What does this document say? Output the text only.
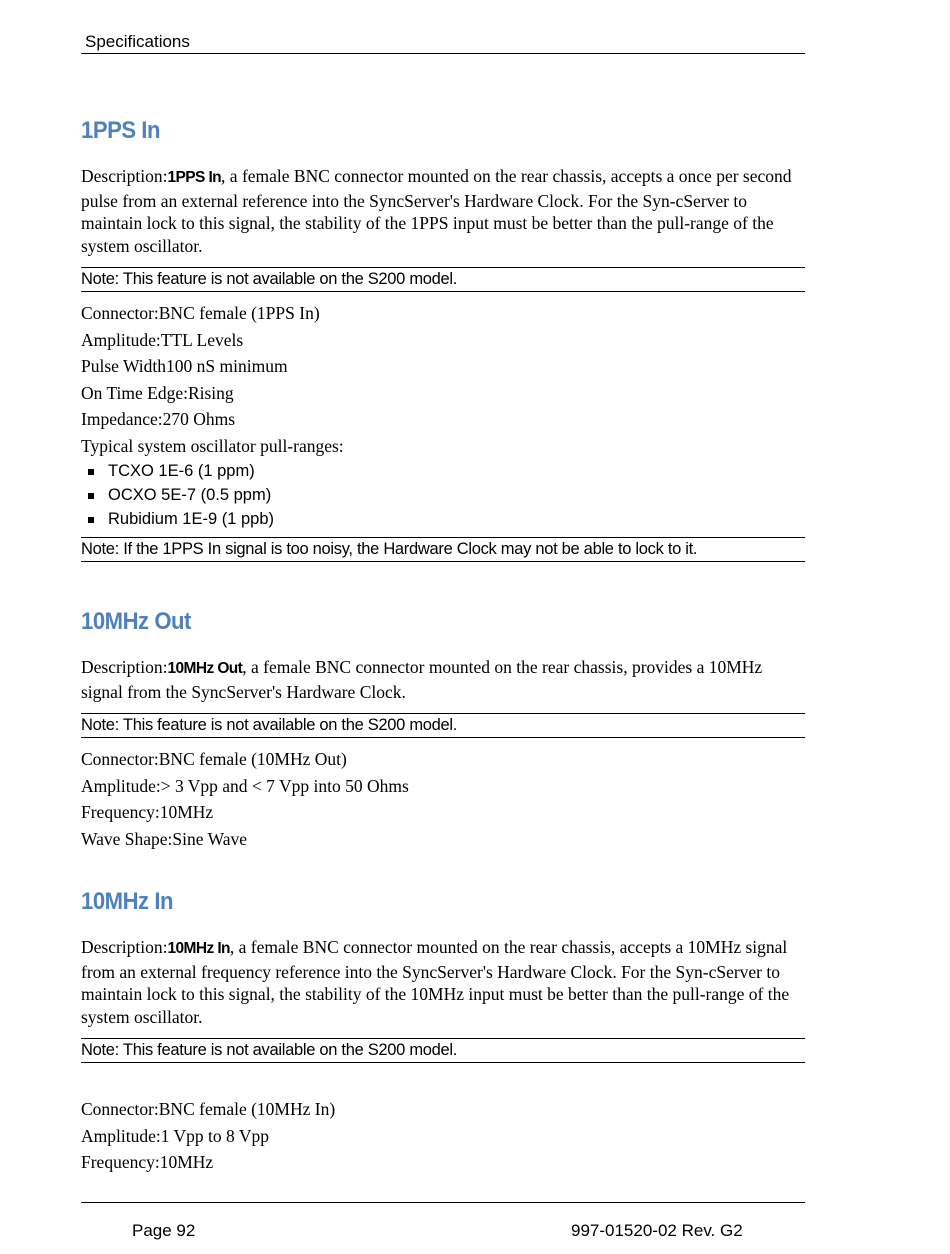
Specifications
1PPS In

Description:1PPS In, a female BNC connector mounted on the rear chassis, accepts a once per second pulse from an external reference into the SyncServer's Hardware Clock. For the Syn-cServer to maintain lock to this signal, the stability of the 1PPS input must be better than the pull-range of the system oscillator.

Note: This feature is not available on the S200 model.
Connector:BNC female (1PPS In)
Amplitude:TTL Levels
Pulse Width100 nS minimum
On Time Edge:Rising
Impedance:270 Ohms
Typical system oscillator pull-ranges:
TCXO 1E-6 (1 ppm)
OCXO 5E-7 (0.5 ppm)
Rubidium 1E-9 (1 ppb)
Note: If the 1PPS In signal is too noisy, the Hardware Clock may not be able to lock to it.
10MHz Out

Description:10MHz Out, a female BNC connector mounted on the rear chassis, provides a 10MHz signal from the SyncServer's Hardware Clock.

Note: This feature is not available on the S200 model.
Connector:BNC female (10MHz Out)
Amplitude:> 3 Vpp and < 7 Vpp into 50 Ohms
Frequency:10MHz
Wave Shape:Sine Wave
10MHz In

Description:10MHz In, a female BNC connector mounted on the rear chassis, accepts a 10MHz signal from an external frequency reference into the SyncServer's Hardware Clock. For the Syn-cServer to maintain lock to this signal, the stability of the 10MHz input must be better than the pull-range of the system oscillator.

Note: This feature is not available on the S200 model.
Connector:BNC female (10MHz In)
Amplitude:1 Vpp to 8 Vpp
Frequency:10MHz
Page 92	997-01520-02 Rev. G2
